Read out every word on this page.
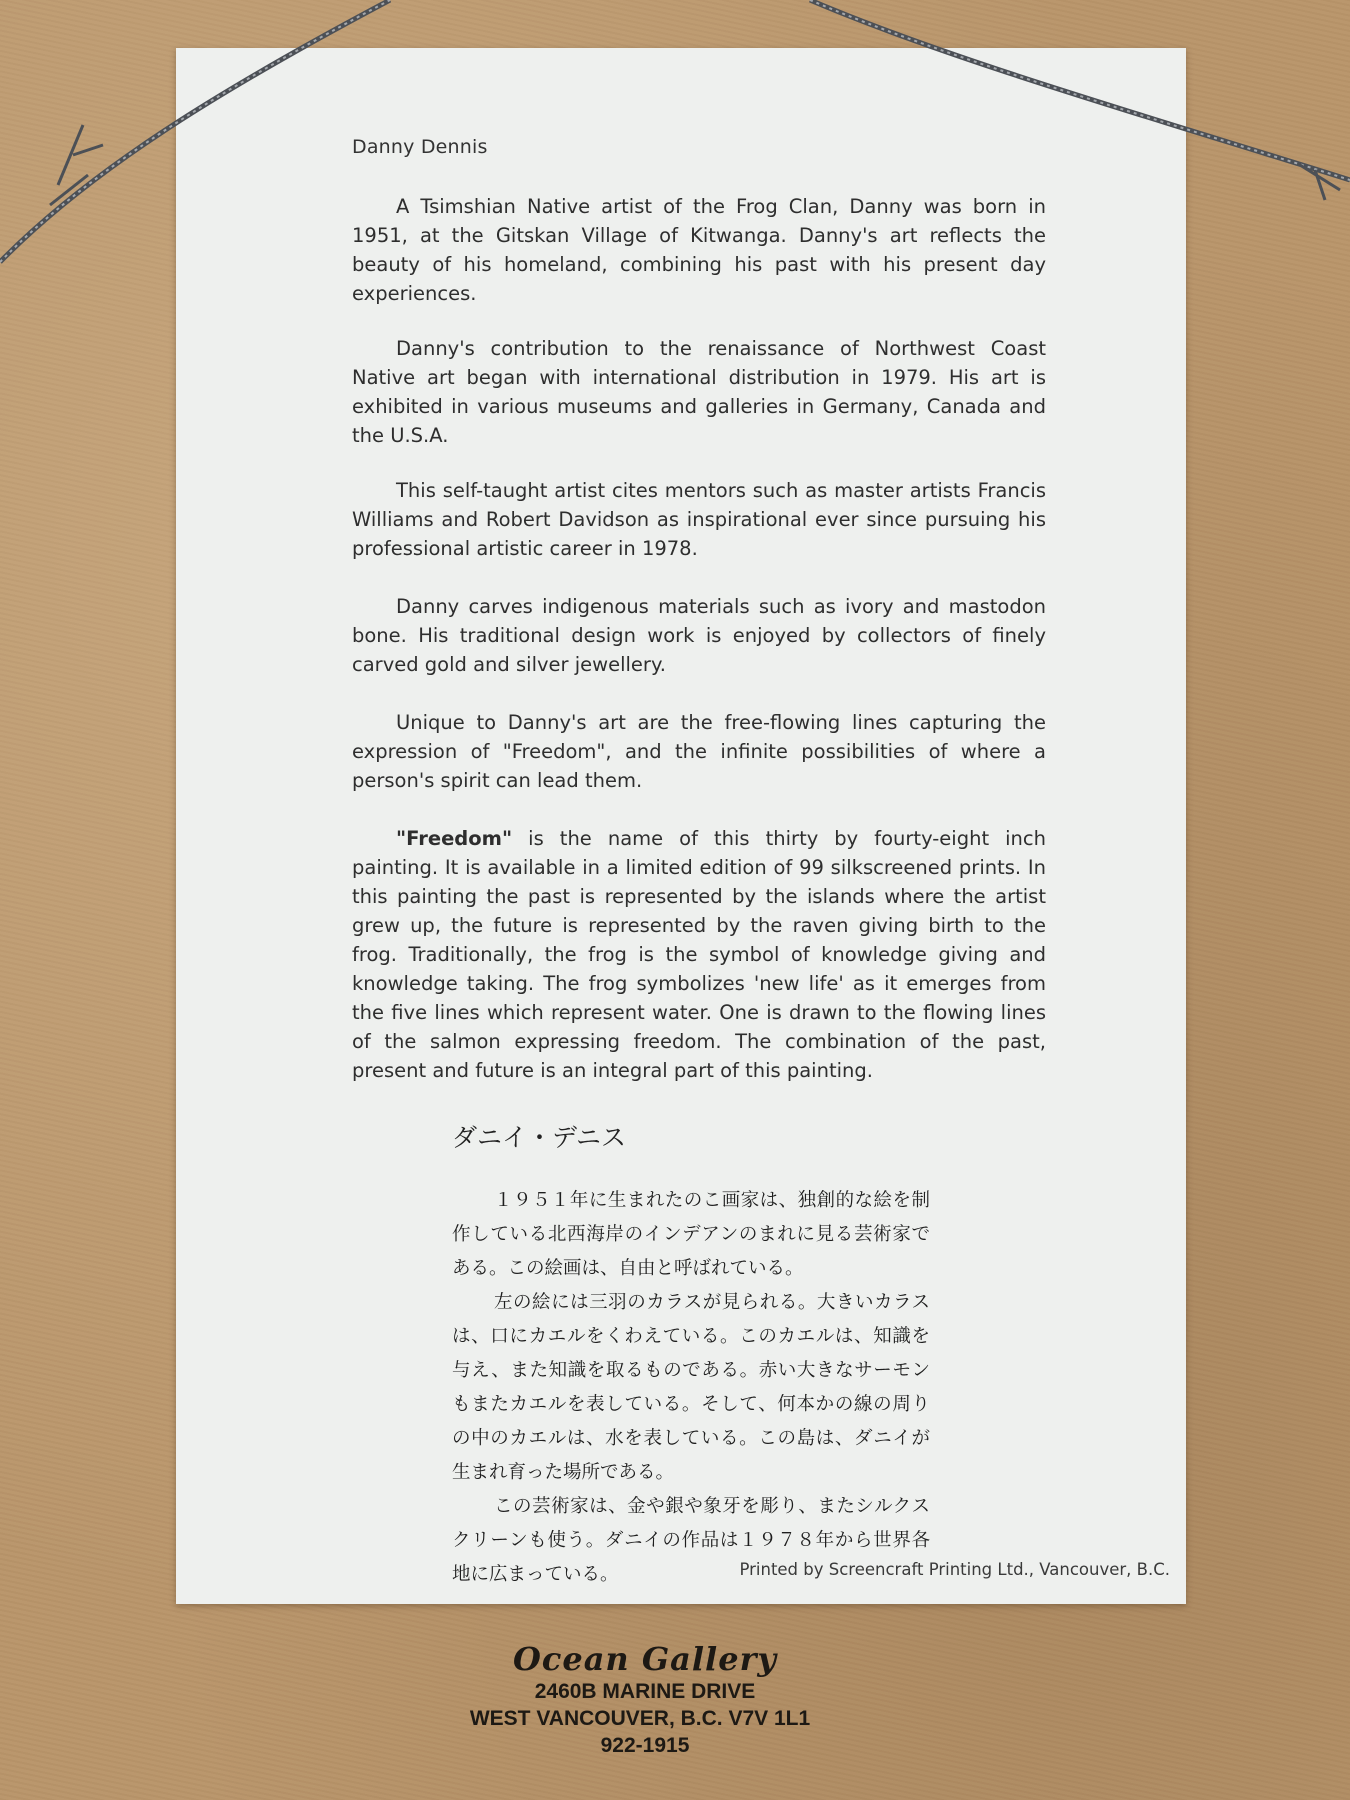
Danny Dennis

A Tsimshian Native artist of the Frog Clan, Danny was born in 1951, at the Gitskan Village of Kitwanga. Danny's art reflects the beauty of his homeland, combining his past with his present day experiences.

Danny's contribution to the renaissance of Northwest Coast Native art began with international distribution in 1979. His art is exhibited in various museums and galleries in Germany, Canada and the U.S.A.

This self-taught artist cites mentors such as master artists Francis Williams and Robert Davidson as inspirational ever since pursuing his professional artistic career in 1978.

Danny carves indigenous materials such as ivory and mastodon bone. His traditional design work is enjoyed by collectors of finely carved gold and silver jewellery.

Unique to Danny's art are the free-flowing lines capturing the expression of "Freedom", and the infinite possibilities of where a person's spirit can lead them.

"Freedom" is the name of this thirty by fourty-eight inch painting. It is available in a limited edition of 99 silkscreened prints. In this painting the past is represented by the islands where the artist grew up, the future is represented by the raven giving birth to the frog. Traditionally, the frog is the symbol of knowledge giving and knowledge taking. The frog symbolizes 'new life' as it emerges from the five lines which represent water. One is drawn to the flowing lines of the salmon expressing freedom. The combination of the past, present and future is an integral part of this painting.

ダニイ・デニス

１９５１年に生まれたのこ画家は、独創的な絵を制作している北西海岸のインデアンのまれに見る芸術家である。この絵画は、自由と呼ばれている。

左の絵には三羽のカラスが見られる。大きいカラスは、口にカエルをくわえている。このカエルは、知識を与え、また知識を取るものである。赤い大きなサーモンもまたカエルを表している。そして、何本かの線の周りの中のカエルは、水を表している。この島は、ダニイが生まれ育った場所である。

この芸術家は、金や銀や象牙を彫り、またシルクスクリーンも使う。ダニイの作品は１９７８年から世界各地に広まっている。	Printed by Screencraft Printing Ltd., Vancouver, B.C.
Ocean Gallery
2460B MARINE DRIVE
WEST VANCOUVER, B.C. V7V 1L1
922-1915
